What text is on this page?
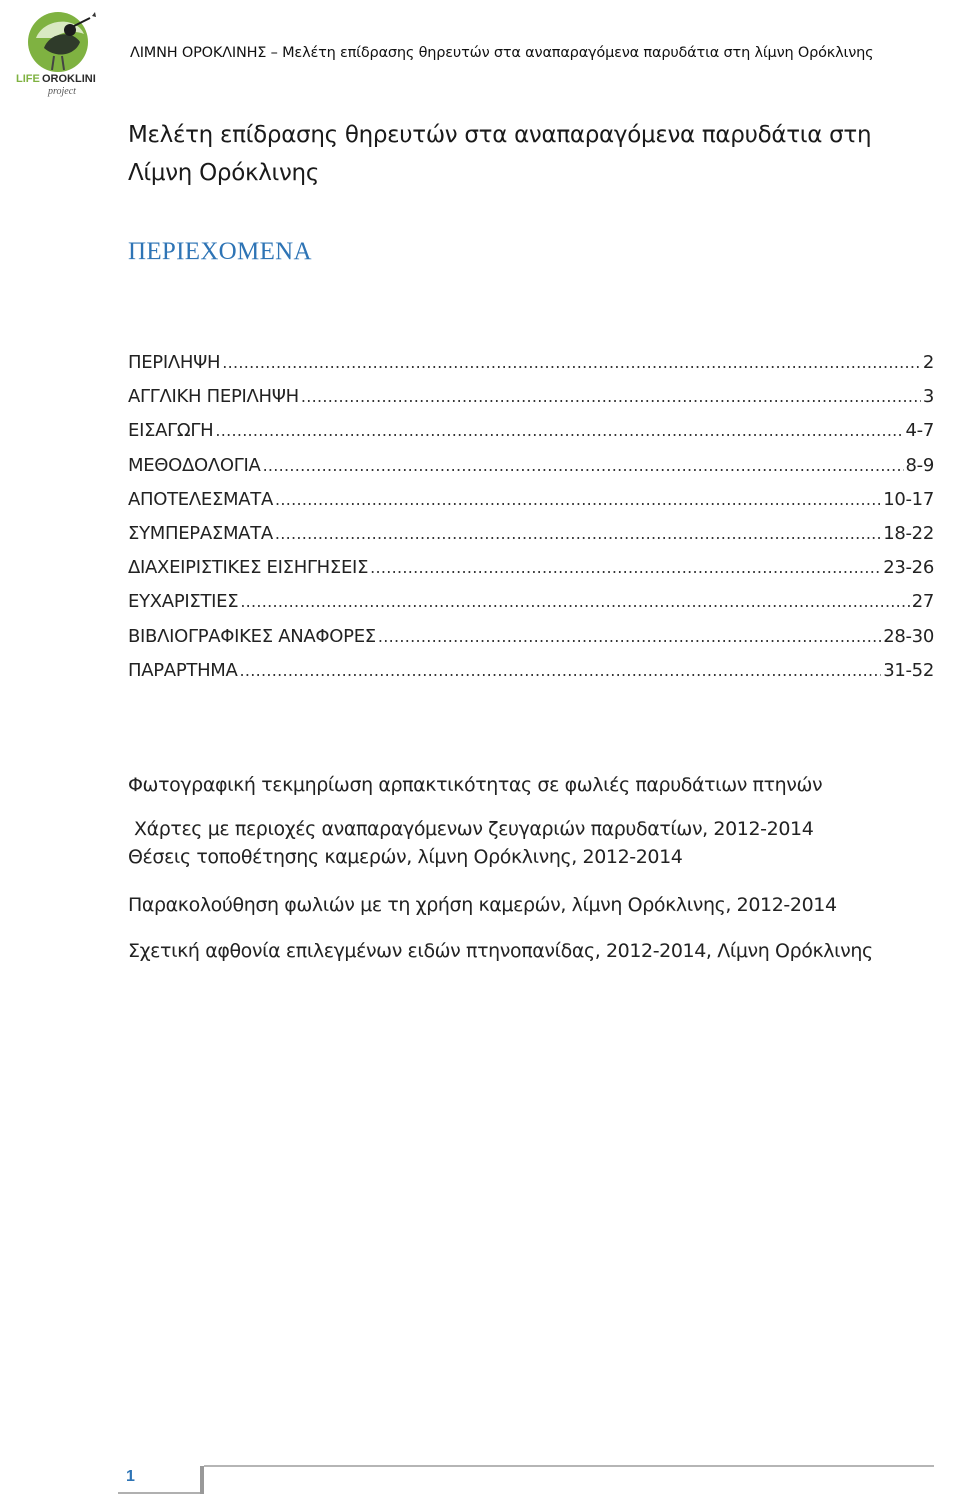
LIFE OROKLINI
project
ΛΙΜΝΗ ΟΡΟΚΛΙΝΗΣ – Μελέτη επίδρασης θηρευτών στα αναπαραγόμενα παρυδάτια στη λίμνη Ορόκλινης
Μελέτη επίδρασης θηρευτών στα αναπαραγόμενα παρυδάτια στη
Λίμνη Ορόκλινης
ΠΕΡΙΕΧΟΜΕΝΑ
ΠΕΡΙΛΗΨΗ . . .	2
ΑΓΓΛΙΚΗ ΠΕΡΙΛΗΨΗ . . .	3
ΕΙΣΑΓΩΓΗ . . .	4-7
ΜΕΘΟΔΟΛΟΓΙΑ . . .	8-9
ΑΠΟΤΕΛΕΣΜΑΤΑ . . .	10-17
ΣΥΜΠΕΡΑΣΜΑΤΑ . . .	18-22
ΔΙΑΧΕΙΡΙΣΤΙΚΕΣ ΕΙΣΗΓΗΣΕΙΣ . . .	23-26
ΕΥΧΑΡΙΣΤΙΕΣ . . .	27
ΒΙΒΛΙΟΓΡΑΦΙΚΕΣ ΑΝΑΦΟΡΕΣ . . .	28-30
ΠΑΡΑΡΤΗΜΑ . . .	31-52
Φωτογραφική τεκμηρίωση αρπακτικότητας σε φωλιές παρυδάτιων πτηνών
Χάρτες με περιοχές αναπαραγόμενων ζευγαριών παρυδατίων, 2012-2014
Θέσεις τοποθέτησης καμερών, λίμνη Ορόκλινης, 2012-2014
Παρακολούθηση φωλιών με τη χρήση καμερών, λίμνη Ορόκλινης, 2012-2014
Σχετική αφθονία επιλεγμένων ειδών πτηνοπανίδας, 2012-2014, Λίμνη Ορόκλινης
1
